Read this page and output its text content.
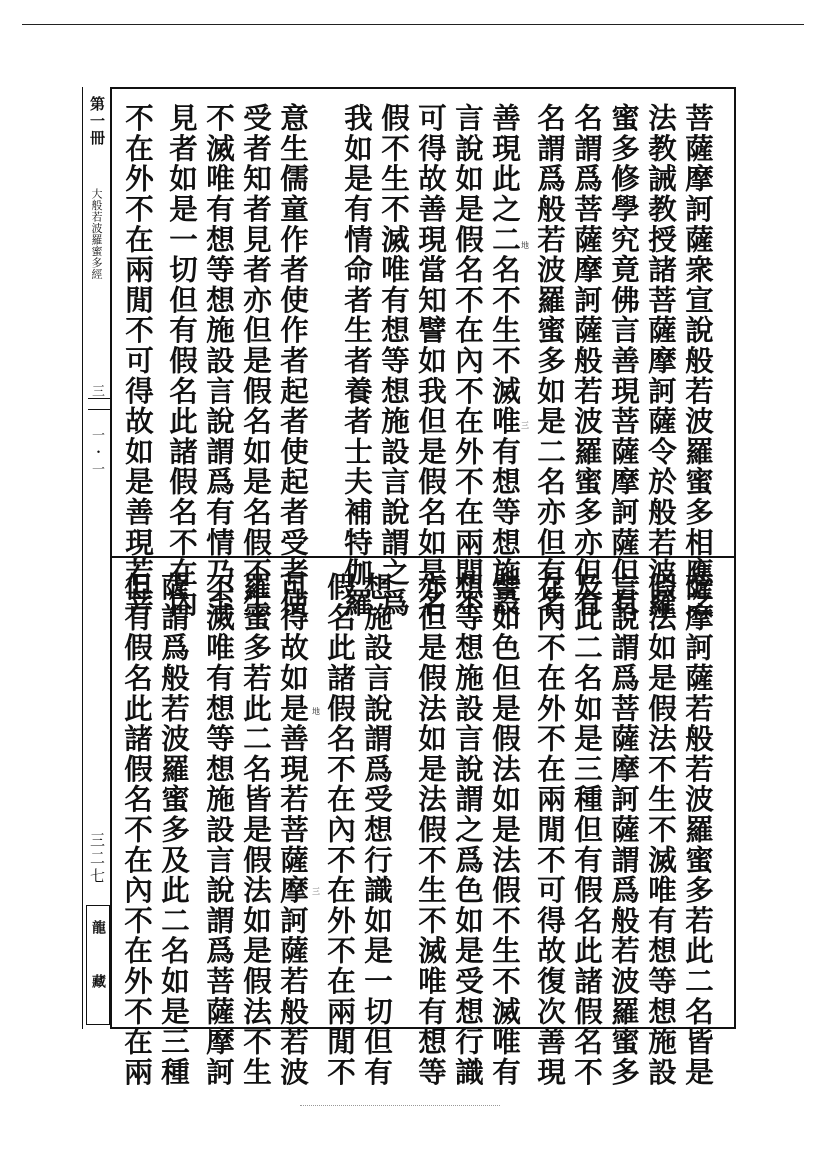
第一冊
大般若波羅蜜多經
三
一・一
三二七
龍藏
菩薩摩訶薩衆宣說般若波羅蜜多相應之
法教誡教授諸菩薩摩訶薩令於般若波羅
蜜多修學究竟佛言善現菩薩摩訶薩但有
名謂爲菩薩摩訶薩般若波羅蜜多亦但有
名謂爲般若波羅蜜多如是二名亦但有名
善現此之二名不生不滅唯有想等想施設
言說如是假名不在內不在外不在兩閒不
可得故善現當知譬如我但是假名如是名
假不生不滅唯有想等想施設言說謂之爲
我如是有情命者生者養者士夫補特伽羅
意生儒童作者使作者起者使起者受者使
受者知者見者亦但是假名如是名假不生
不滅唯有想等想施設言說謂爲有情乃至
見者如是一切但有假名此諸假名不在內
不在外不在兩閒不可得故如是善現若菩	地
三
薩摩訶薩若般若波羅蜜多若此二名皆是
假法如是假法不生不滅唯有想等想施設
言說謂爲菩薩摩訶薩謂爲般若波羅蜜多
及此二名如是三種但有假名此諸假名不
在內不在外不在兩閒不可得故復次善現
譬如色但是假法如是法假不生不滅唯有
想等想施設言說謂之爲色如是受想行識
亦但是假法如是法假不生不滅唯有想等
想施設言說謂爲受想行識如是一切但有
假名此諸假名不在內不在外不在兩閒不
可得故如是善現若菩薩摩訶薩若般若波
羅蜜多若此二名皆是假法如是假法不生
不滅唯有想等想施設言說謂爲菩薩摩訶
薩謂爲般若波羅蜜多及此二名如是三種
但有假名此諸假名不在內不在外不在兩	地
三
